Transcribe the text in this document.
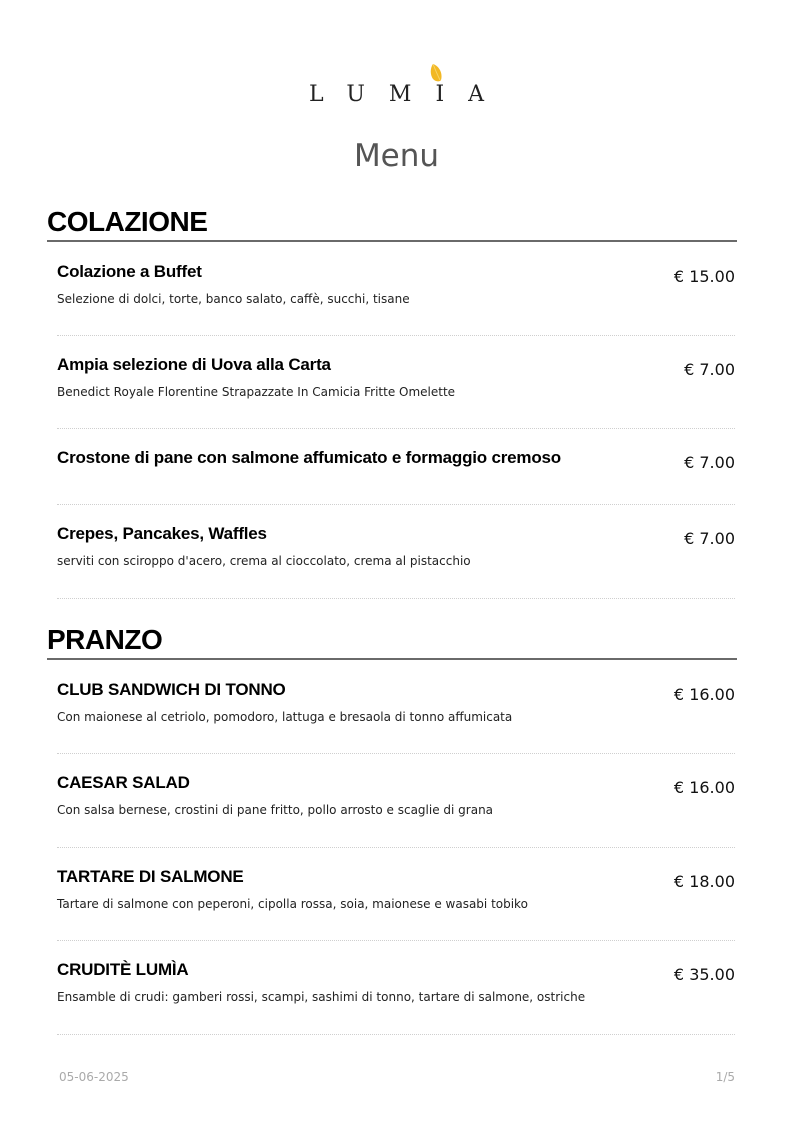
LUMIA
Menu
COLAZIONE
Colazione a Buffet
Selezione di dolci, torte, banco salato, caffè, succhi, tisane
€ 15.00
Ampia selezione di Uova alla Carta
Benedict Royale Florentine Strapazzate In Camicia Fritte Omelette
€ 7.00
Crostone di pane con salmone affumicato e formaggio cremoso	€ 7.00
Crepes, Pancakes, Waffles
serviti con sciroppo d'acero, crema al cioccolato, crema al pistacchio
€ 7.00
PRANZO
CLUB SANDWICH DI TONNO
Con maionese al cetriolo, pomodoro, lattuga e bresaola di tonno affumicata
€ 16.00
CAESAR SALAD
Con salsa bernese, crostini di pane fritto, pollo arrosto e scaglie di grana
€ 16.00
TARTARE DI SALMONE
Tartare di salmone con peperoni, cipolla rossa, soia, maionese e wasabi tobiko
€ 18.00
CRUDITÈ LUMÌA
Ensamble di crudi: gamberi rossi, scampi, sashimi di tonno, tartare di salmone, ostriche
€ 35.00
05-06-2025	1/5
